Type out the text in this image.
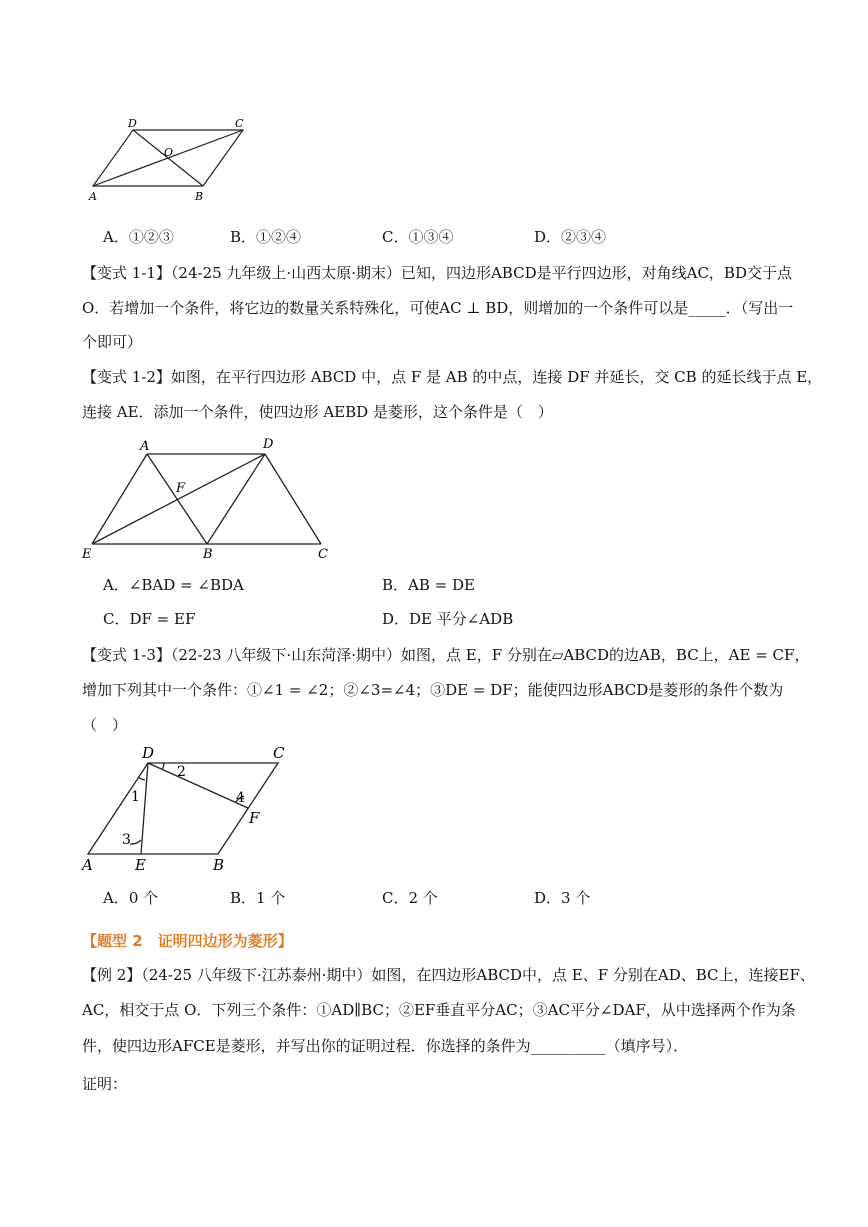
D	C
O
A	B
A．①②③	B．①②④	C．①③④	D．②③④
【变式 1-1】（24-25 九年级上·山西太原·期末）已知，四边形ABCD是平行四边形，对角线AC，BD交于点
O．若增加一个条件，将它边的数量关系特殊化，可使AC ⊥ BD，则增加的一个条件可以是_____．（写出一
个即可）
【变式 1-2】如图，在平行四边形 ABCD 中，点 F 是 AB 的中点，连接 DF 并延长，交 CB 的延长线于点 E，
连接 AE．添加一个条件，使四边形 AEBD 是菱形，这个条件是（　）
A	D
F
E	B	C
A．∠BAD = ∠BDA	B．AB = DE
C．DF = EF	D．DE 平分∠ADB
【变式 1-3】（22-23 八年级下·山东菏泽·期中）如图，点 E，F 分别在▱ABCD的边AB，BC上，AE = CF，
增加下列其中一个条件：①∠1 = ∠2；②∠3=∠4；③DE = DF；能使四边形ABCD是菱形的条件个数为
（　）
D	C
2
1	4
F
3
A	E	B
A．0 个	B．1 个	C．2 个	D．3 个
【题型 2　证明四边形为菱形】
【例 2】（24-25 八年级下·江苏泰州·期中）如图，在四边形ABCD中，点 E、F 分别在AD、BC上，连接EF、
AC，相交于点 O．下列三个条件：①AD∥BC；②EF垂直平分AC；③AC平分∠DAF，从中选择两个作为条
件，使四边形AFCE是菱形，并写出你的证明过程．你选择的条件为__________（填序号）．
证明：
